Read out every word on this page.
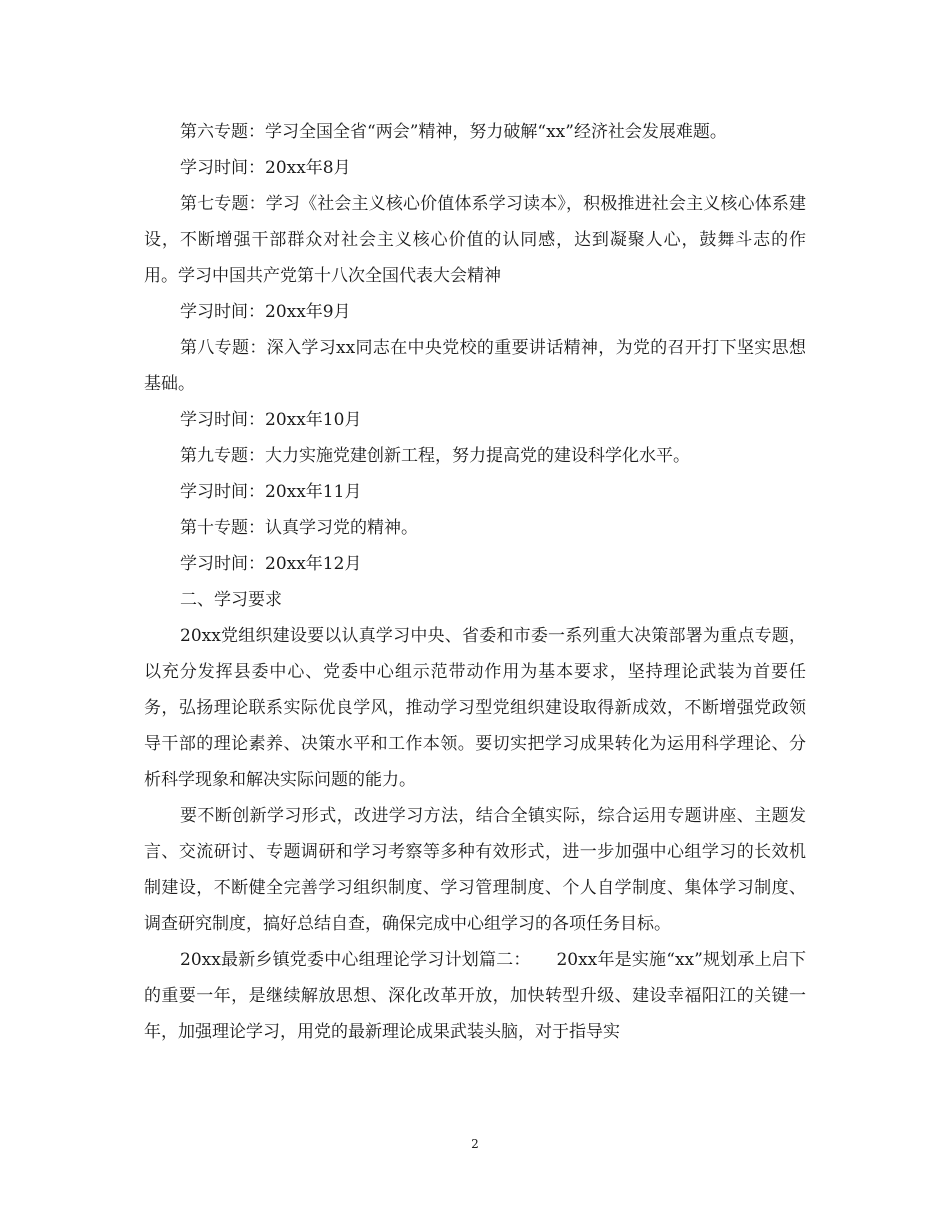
第六专题：学习全国全省“两会”精神，努力破解“xx”经济社会发展难题。

学习时间：20xx年8月

第七专题：学习《社会主义核心价值体系学习读本》，积极推进社会主义核心体系建设，不断增强干部群众对社会主义核心价值的认同感，达到凝聚人心，鼓舞斗志的作用。学习中国共产党第十八次全国代表大会精神

学习时间：20xx年9月

第八专题：深入学习xx同志在中央党校的重要讲话精神，为党的召开打下坚实思想基础。

学习时间：20xx年10月

第九专题：大力实施党建创新工程，努力提高党的建设科学化水平。

学习时间：20xx年11月

第十专题：认真学习党的精神。

学习时间：20xx年12月

二、学习要求

20xx党组织建设要以认真学习中央、省委和市委一系列重大决策部署为重点专题，以充分发挥县委中心、党委中心组示范带动作用为基本要求，坚持理论武装为首要任务，弘扬理论联系实际优良学风，推动学习型党组织建设取得新成效，不断增强党政领导干部的理论素养、决策水平和工作本领。要切实把学习成果转化为运用科学理论、分析科学现象和解决实际问题的能力。

要不断创新学习形式，改进学习方法，结合全镇实际，综合运用专题讲座、主题发言、交流研讨、专题调研和学习考察等多种有效形式，进一步加强中心组学习的长效机制建设，不断健全完善学习组织制度、学习管理制度、个人自学制度、集体学习制度、调查研究制度，搞好总结自查，确保完成中心组学习的各项任务目标。

20xx最新乡镇党委中心组理论学习计划篇二：　　20xx年是实施“xx”规划承上启下的重要一年，是继续解放思想、深化改革开放，加快转型升级、建设幸福阳江的关键一年，加强理论学习，用党的最新理论成果武装头脑，对于指导实

2
